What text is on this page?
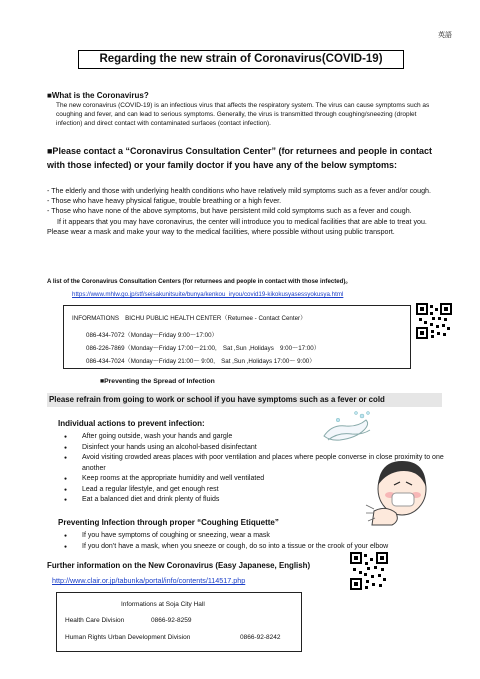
英語
Regarding the new strain of Coronavirus(COVID-19)
■What is the Coronavirus?
The new coronavirus (COVID-19) is an infectious virus that affects the respiratory system. The virus can cause symptoms such as coughing and fever, and can lead to serious symptoms. Generally, the virus is transmitted through coughing/sneezing (droplet infection) and direct contact with contaminated surfaces (contact infection).
■Please contact a “Coronavirus Consultation Center” (for returnees and people in contact with those infected) or your family doctor if you have any of the below symptoms:
- The elderly and those with underlying health conditions who have relatively mild symptoms such as a fever and/or cough.
- Those who have heavy physical fatigue, trouble breathing or a high fever.
- Those who have none of the above symptoms, but have persistent mild cold symptoms such as a fever and cough.
If it appears that you may have coronavirus, the center will introduce you to medical facilities that are able to treat you. Please wear a mask and make your way to the medical facilities, where possible without using public transport.
A list of the Coronavirus Consultation Centers (for returnees and people in contact with those infected)。
https://www.mhlw.go.jp/stf/seisakunitsuite/bunya/kenkou_iryou/covid19-kikokusyasessyokusya.html
INFORMATIONS　BICHU PUBLIC HEALTH CENTER（Returnee - Contact Center）
086-434-7072（Monday～Friday 9:00～17:00）
086-226-7869（Monday～Friday 17:00～21:00,　Sat ,Sun ,Holidays　9:00～17:00）
086-434-7024（Monday～Friday 21:00～ 9:00,　Sat ,Sun ,Holidays 17:00～ 9:00）
■Preventing the Spread of Infection
Please refrain from going to work or school if you have symptoms such as a fever or cold
Individual actions to prevent infection:
● After going outside, wash your hands and gargle
● Disinfect your hands using an alcohol-based disinfectant
● Avoid visiting crowded areas places with poor ventilation and places where people converse in close proximity to one another
● Keep rooms at the appropriate humidity and well ventilated
● Lead a regular lifestyle, and get enough rest
● Eat a balanced diet and drink plenty of fluids
Preventing Infection through proper “Coughing Etiquette”
● If you have symptoms of coughing or sneezing, wear a mask
● If you don’t have a mask, when you sneeze or cough, do so into a tissue or the crook of your elbow
Further information on the New Coronavirus (Easy Japanese, English)
http://www.clair.or.jp/tabunka/portal/info/contents/114517.php
Informations at Soja City Hall
Health Care Division	0866-92-8259
Human Rights Urban Development Division	0866-92-8242
